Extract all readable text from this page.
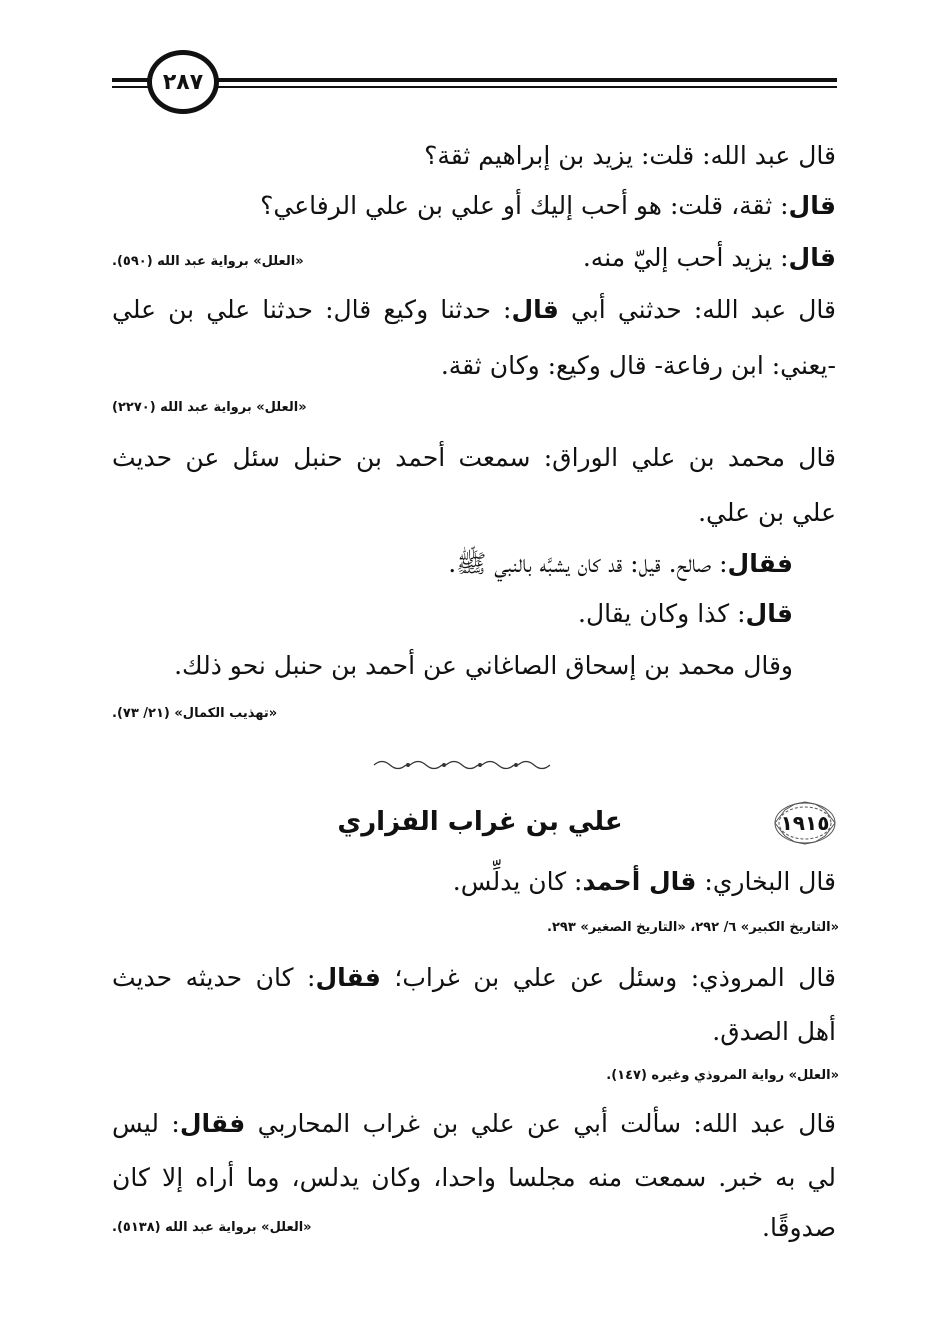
٢٨٧
قال عبد الله: قلت: يزيد بن إبراهيم ثقة؟
قال: ثقة، قلت: هو أحب إليك أو علي بن علي الرفاعي؟
قال: يزيد أحب إليّ منه.
«العلل» برواية عبد الله (٥٩٠).
قال عبد الله: حدثني أبي قال: حدثنا وكيع قال: حدثنا علي بن علي
-يعني: ابن رفاعة- قال وكيع: وكان ثقة.
«العلل» برواية عبد الله (٢٢٧٠)
قال محمد بن علي الوراق: سمعت أحمد بن حنبل سئل عن حديث
علي بن علي.
فقال: صالح. قيل: قد كان يشبَّه بالنبي ﷺ.
قال: كذا وكان يقال.
وقال محمد بن إسحاق الصاغاني عن أحمد بن حنبل نحو ذلك.
«تهذيب الكمال» (٢١/ ٧٣).
١٩١٥
علي بن غراب الفزاري
قال البخاري: قال أحمد: كان يدلِّس.
«التاريخ الكبير» ٦/ ٢٩٢، «التاريخ الصغير» ٢٩٣.
قال المروذي: وسئل عن علي بن غراب؛ فقال: كان حديثه حديث
أهل الصدق.
«العلل» رواية المروذي وغيره (١٤٧).
قال عبد الله: سألت أبي عن علي بن غراب المحاربي فقال: ليس
لي به خبر. سمعت منه مجلسا واحدا، وكان يدلس، وما أراه إلا كان
صدوقًا.
«العلل» برواية عبد الله (٥١٣٨).
